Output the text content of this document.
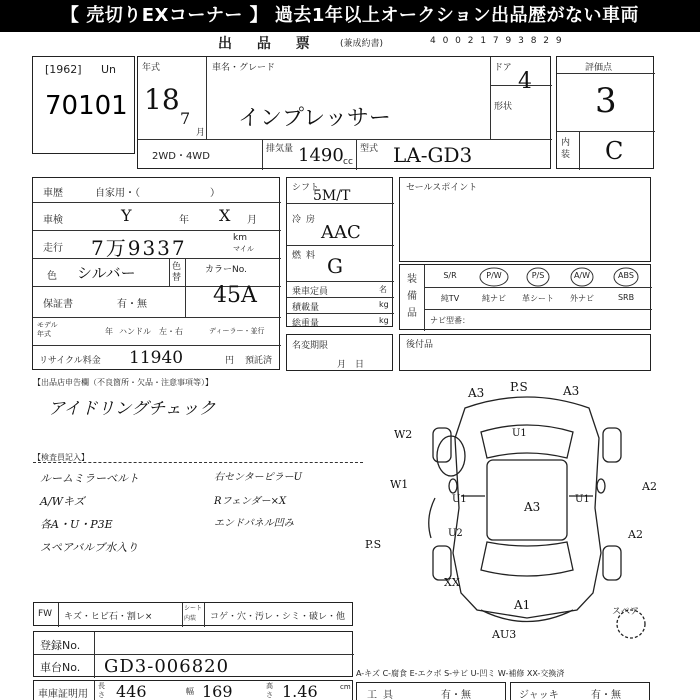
【 売切りEXコーナー 】 過去1年以上オークション出品歴がない車両
出 品 票 (兼成約書)	4 0 0 2 1 7 9 3 8 2 9
[1962] Un
70101
年式
18
7
月
車名・グレード
インプレッサー
ドア
4
形状
2WD・4WD
排気量 1490 cc
型式 LA-GD3
評価点
3
内装 C
車歴	自家用・（　　　　　　　）
車検	Y	年 X 月
走行 7万9337	km
マイル
色 シルバー	色替
カラーNo.
45A
保証書	有・無
モデル
年式	年 ハンドル　左・右	ディーラー・並行
リサイクル料金 11940	円 預託済
シフト
5M/T
冷房
AAC
燃料 G
乗車定員	名
積載量	kg
総重量	kg
名変期限
月　日
セールスポイント
装備品
S/R	P/W	P/S	A/W	ABS
純TV	純ナビ	革シート	外ナビ	SRB
ナビ型番：
後付品
【出品店申告欄（不良箇所・欠品・注意事項等）】
アイドリングチェック
【検査員記入】
ルームミラーベルト
A/Wキズ
各A・U・P3E
スペアバルブ水入り
右センターピラーU
Rフェンダー×X
エンドパネル凹み
A3 P.S	A3
W2	U1
W1
U1
A3
U1
A2
U2	A2
P.S
XX
A1
AU3
スペア
FW キズ・ヒビ石・割レ×
シート内装	コゲ・穴・汚レ・シミ・破レ・他
登録No.
車台No. GD3-006820
車庫証明用
長さ 446	幅 169	高さ 1.46	cm
A-キズ C-腐食 E-エクボ S-サビ U-凹ミ W-補修 XX-交換済
工具	有・無	ジャッキ	有・無
